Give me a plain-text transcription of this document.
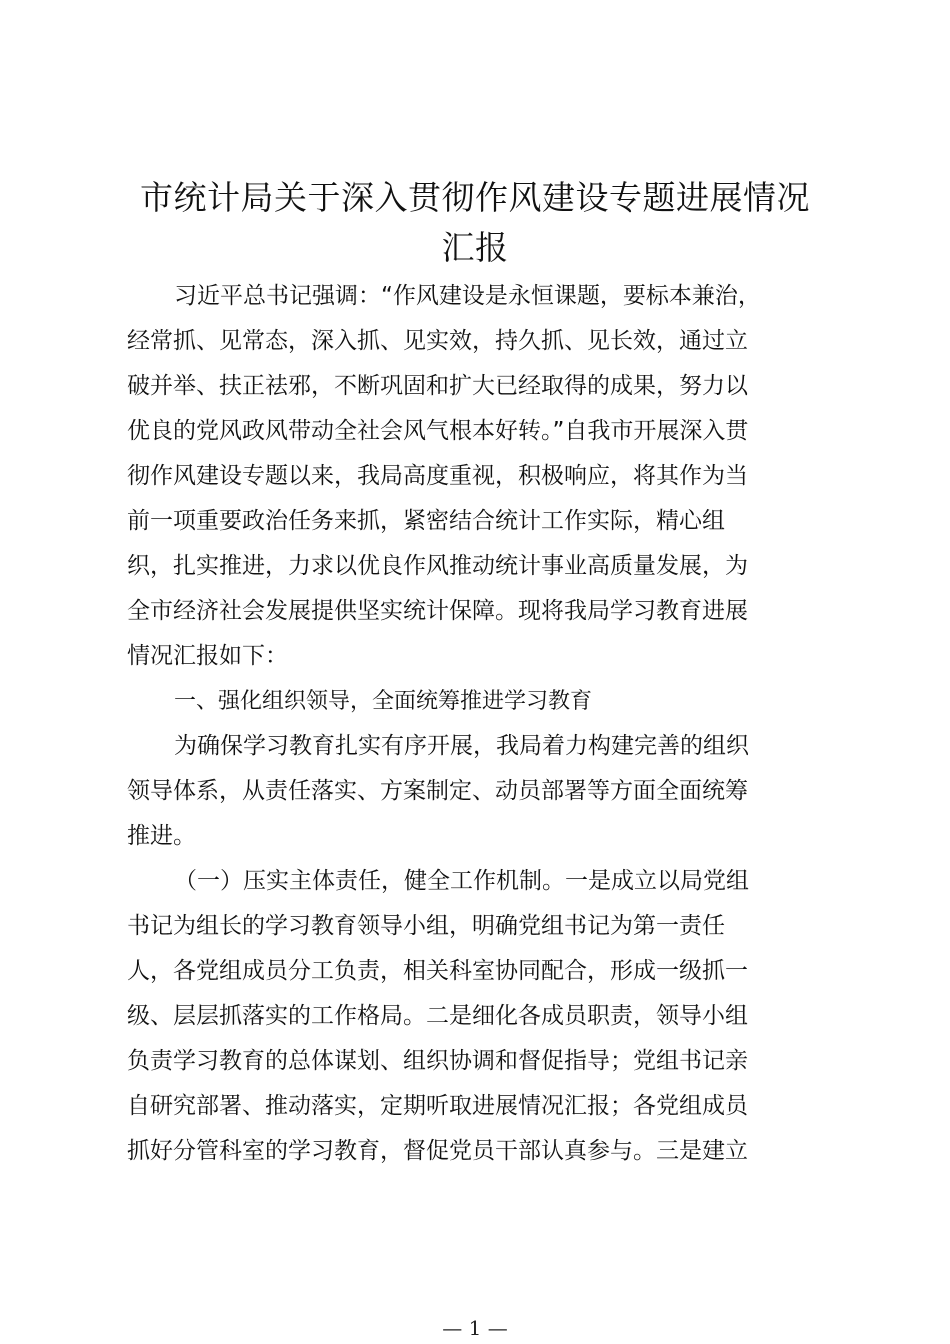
市统计局关于深入贯彻作风建设专题进展情况
汇报
习近平总书记强调：“作风建设是永恒课题，要标本兼治，
经常抓、见常态，深入抓、见实效，持久抓、见长效，通过立
破并举、扶正祛邪，不断巩固和扩大已经取得的成果，努力以
优良的党风政风带动全社会风气根本好转。”自我市开展深入贯
彻作风建设专题以来，我局高度重视，积极响应，将其作为当
前一项重要政治任务来抓，紧密结合统计工作实际，精心组
织，扎实推进，力求以优良作风推动统计事业高质量发展，为
全市经济社会发展提供坚实统计保障。现将我局学习教育进展
情况汇报如下：
一、强化组织领导，全面统筹推进学习教育
为确保学习教育扎实有序开展，我局着力构建完善的组织
领导体系，从责任落实、方案制定、动员部署等方面全面统筹
推进。
（一）压实主体责任，健全工作机制。一是成立以局党组
书记为组长的学习教育领导小组，明确党组书记为第一责任
人，各党组成员分工负责，相关科室协同配合，形成一级抓一
级、层层抓落实的工作格局。二是细化各成员职责，领导小组
负责学习教育的总体谋划、组织协调和督促指导；党组书记亲
自研究部署、推动落实，定期听取进展情况汇报；各党组成员
抓好分管科室的学习教育，督促党员干部认真参与。三是建立
— 1 —
